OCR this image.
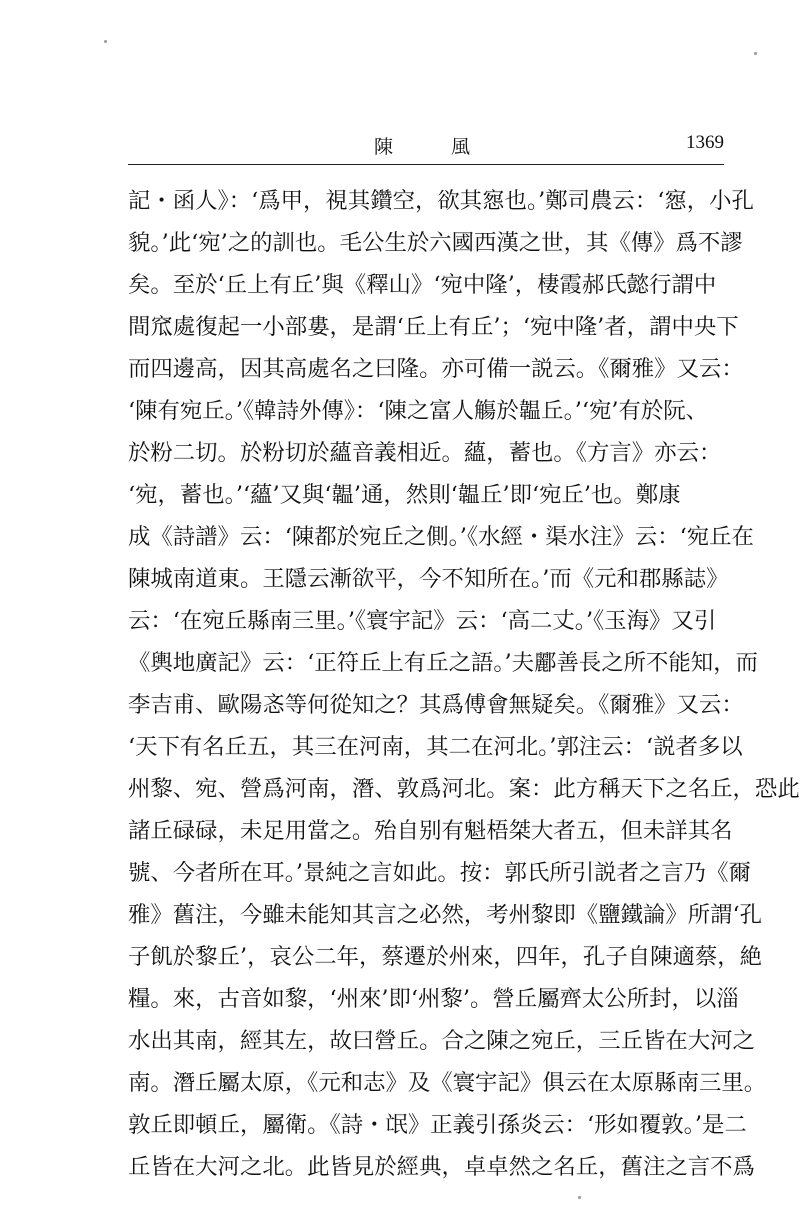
陳 風	1369
記・函人》：‘爲甲，視其鑽空，欲其惌也。’鄭司農云：‘惌，小孔
貌。’此‘宛’之的訓也。毛公生於六國西漢之世，其《傳》爲不謬
矣。至於‘丘上有丘’與《釋山》‘宛中隆’，棲霞郝氏懿行謂中
間窊處復起一小部婁，是謂‘丘上有丘’；‘宛中隆’者，謂中央下
而四邊高，因其高處名之曰隆。亦可備一説云。《爾雅》又云：
‘陳有宛丘。’《韓詩外傳》：‘陳之富人觴於韞丘。’‘宛’有於阮、
於粉二切。於粉切於蘊音義相近。蘊，蓄也。《方言》亦云：
‘宛，蓄也。’‘蘊’又與‘韞’通，然則‘韞丘’即‘宛丘’也。鄭康
成《詩譜》云：‘陳都於宛丘之側。’《水經・渠水注》云：‘宛丘在
陳城南道東。王隱云漸欲平，今不知所在。’而《元和郡縣誌》
云：‘在宛丘縣南三里。’《寰宇記》云：‘高二丈。’《玉海》又引
《輿地廣記》云：‘正符丘上有丘之語。’夫酈善長之所不能知，而
李吉甫、歐陽忞等何從知之？其爲傅會無疑矣。《爾雅》又云：
‘天下有名丘五，其三在河南，其二在河北。’郭注云：‘説者多以
州黎、宛、營爲河南，潛、敦爲河北。案：此方稱天下之名丘，恐此
諸丘碌碌，未足用當之。殆自别有魁梧桀大者五，但未詳其名
號、今者所在耳。’景純之言如此。按：郭氏所引説者之言乃《爾
雅》舊注，今雖未能知其言之必然，考州黎即《鹽鐵論》所謂‘孔
子飢於黎丘’，哀公二年，蔡遷於州來，四年，孔子自陳適蔡，絶
糧。來，古音如黎，‘州來’即‘州黎’。營丘屬齊太公所封，以淄
水出其南，經其左，故曰營丘。合之陳之宛丘，三丘皆在大河之
南。潛丘屬太原，《元和志》及《寰宇記》俱云在太原縣南三里。
敦丘即頓丘，屬衛。《詩・氓》正義引孫炎云：‘形如覆敦。’是二
丘皆在大河之北。此皆見於經典，卓卓然之名丘，舊注之言不爲
